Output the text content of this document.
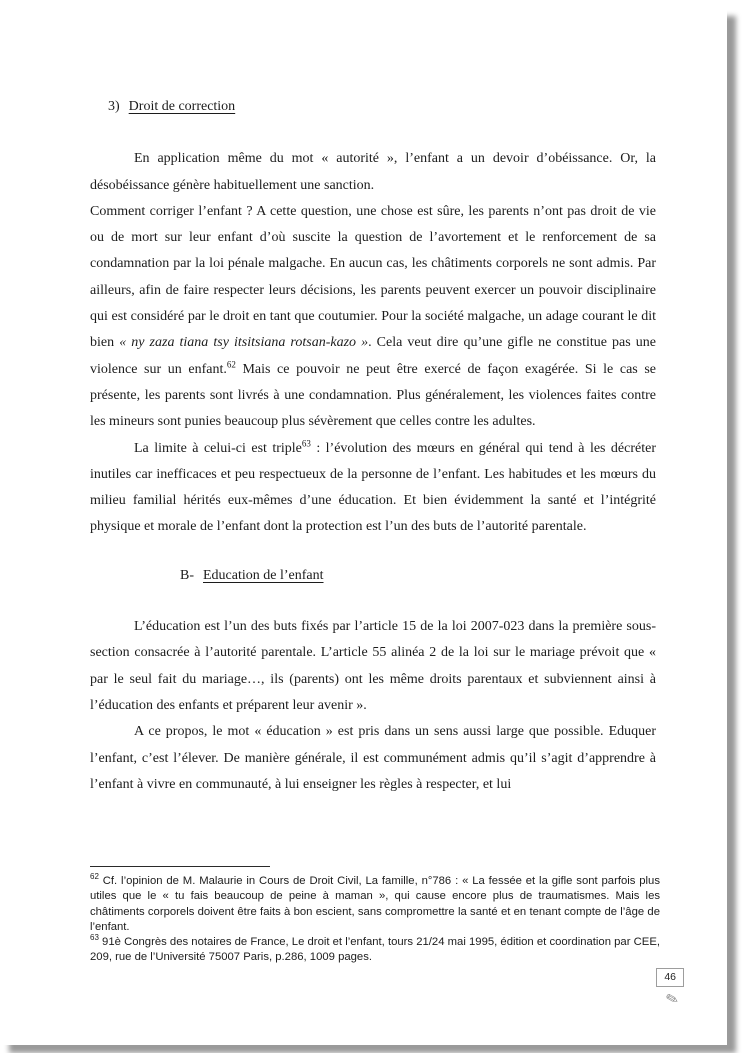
3) Droit de correction

En application même du mot « autorité », l’enfant a un devoir d’obéissance. Or, la désobéissance génère habituellement une sanction.

Comment corriger l’enfant ? A cette question, une chose est sûre, les parents n’ont pas droit de vie ou de mort sur leur enfant d’où suscite la question de l’avortement et le renforcement de sa condamnation par la loi pénale malgache. En aucun cas, les châtiments corporels ne sont admis. Par ailleurs, afin de faire respecter leurs décisions, les parents peuvent exercer un pouvoir disciplinaire qui est considéré par le droit en tant que coutumier. Pour la société malgache, un adage courant le dit bien « ny zaza tiana tsy itsitsiana rotsan-kazo ». Cela veut dire qu’une gifle ne constitue pas une violence sur un enfant.$^{62}$ Mais ce pouvoir ne peut être exercé de façon exagérée. Si le cas se présente, les parents sont livrés à une condamnation. Plus généralement, les violences faites contre les mineurs sont punies beaucoup plus sévèrement que celles contre les adultes.

La limite à celui-ci est triple$^{63}$ : l’évolution des mœurs en général qui tend à les décréter inutiles car inefficaces et peu respectueux de la personne de l’enfant. Les habitudes et les mœurs du milieu familial hérités eux-mêmes d’une éducation. Et bien évidemment la santé et l’intégrité physique et morale de l’enfant dont la protection est l’un des buts de l’autorité parentale.

B- Education de l’enfant

L’éducation est l’un des buts fixés par l’article 15 de la loi 2007-023 dans la première sous-section consacrée à l’autorité parentale. L’article 55 alinéa 2 de la loi sur le mariage prévoit que « par le seul fait du mariage…, ils (parents) ont les même droits parentaux et subviennent ainsi à l’éducation des enfants et préparent leur avenir ».

A ce propos, le mot « éducation » est pris dans un sens aussi large que possible. Eduquer l’enfant, c’est l’élever. De manière générale, il est communément admis qu’il s’agit d’apprendre à l’enfant à vivre en communauté, à lui enseigner les règles à respecter, et lui

$^{62}$ Cf. l’opinion de M. Malaurie in Cours de Droit Civil, La famille, n°786 : « La fessée et la gifle sont parfois plus utiles que le « tu fais beaucoup de peine à maman », qui cause encore plus de traumatismes. Mais les châtiments corporels doivent être faits à bon escient, sans compromettre la santé et en tenant compte de l’âge de l’enfant.

$^{63}$ 91è Congrès des notaires de France, Le droit et l’enfant, tours 21/24 mai 1995, édition et coordination par CEE, 209, rue de l’Université 75007 Paris, p.286, 1009 pages.

46
✎
